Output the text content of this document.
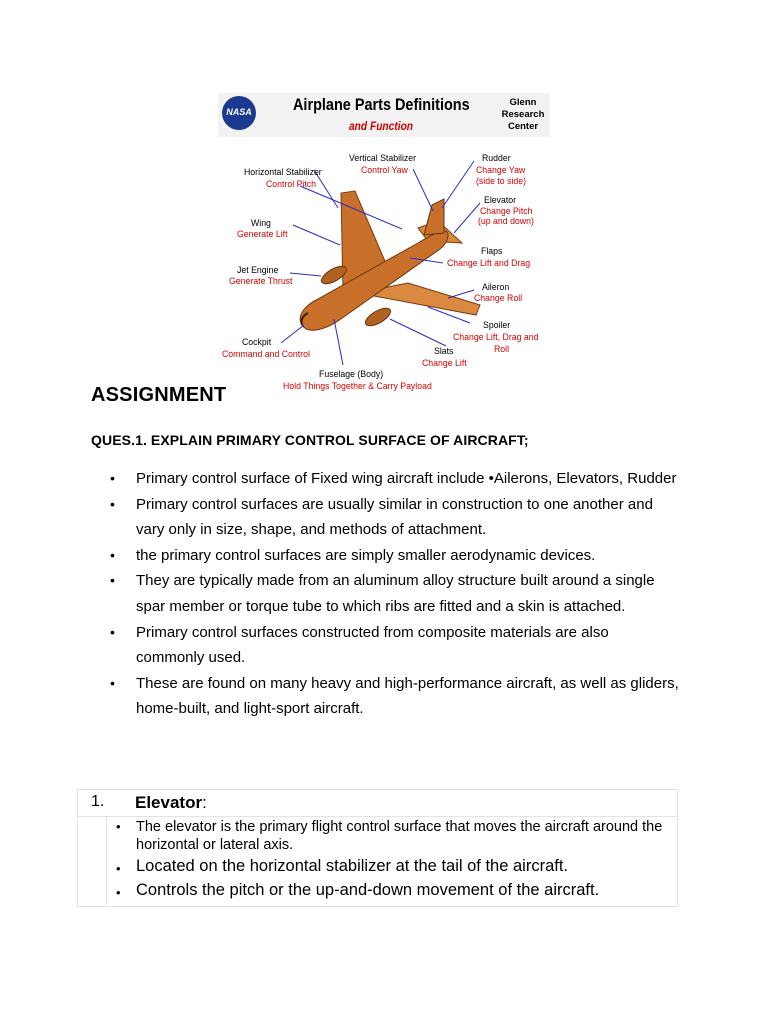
NASA Airplane Parts Definitions
and Function
Glenn
Research
Center
Horizontal Stabilizer
Control Pitch
Vertical Stabilizer
Control Yaw
Rudder
Change Yaw
(side to side)
Elevator
Change Pitch
(up and down)
Wing
Generate Lift
Flaps
Change Lift and Drag
Jet Engine
Generate Thrust
Aileron
Change Roll
Spoiler
Change Lift, Drag and
Roll
Cockpit
Command and Control	Slats
Change Lift
Fuselage (Body)
Hold Things Together & Carry Payload
ASSIGNMENT
QUES.1. EXPLAIN PRIMARY CONTROL SURFACE OF AIRCRAFT;
• Primary control surface of Fixed wing aircraft include •Ailerons, Elevators, Rudder
• Primary control surfaces are usually similar in construction to one another and vary only in size, shape, and methods of attachment.
• the primary control surfaces are simply smaller aerodynamic devices.
• They are typically made from an aluminum alloy structure built around a single spar member or torque tube to which ribs are fitted and a skin is attached.
• Primary control surfaces constructed from composite materials are also commonly used.
• These are found on many heavy and high-performance aircraft, as well as gliders, home-built, and light-sport aircraft.
1. Elevator:
• The elevator is the primary flight control surface that moves the aircraft around the horizontal or lateral axis.
• Located on the horizontal stabilizer at the tail of the aircraft.
• Controls the pitch or the up-and-down movement of the aircraft.
